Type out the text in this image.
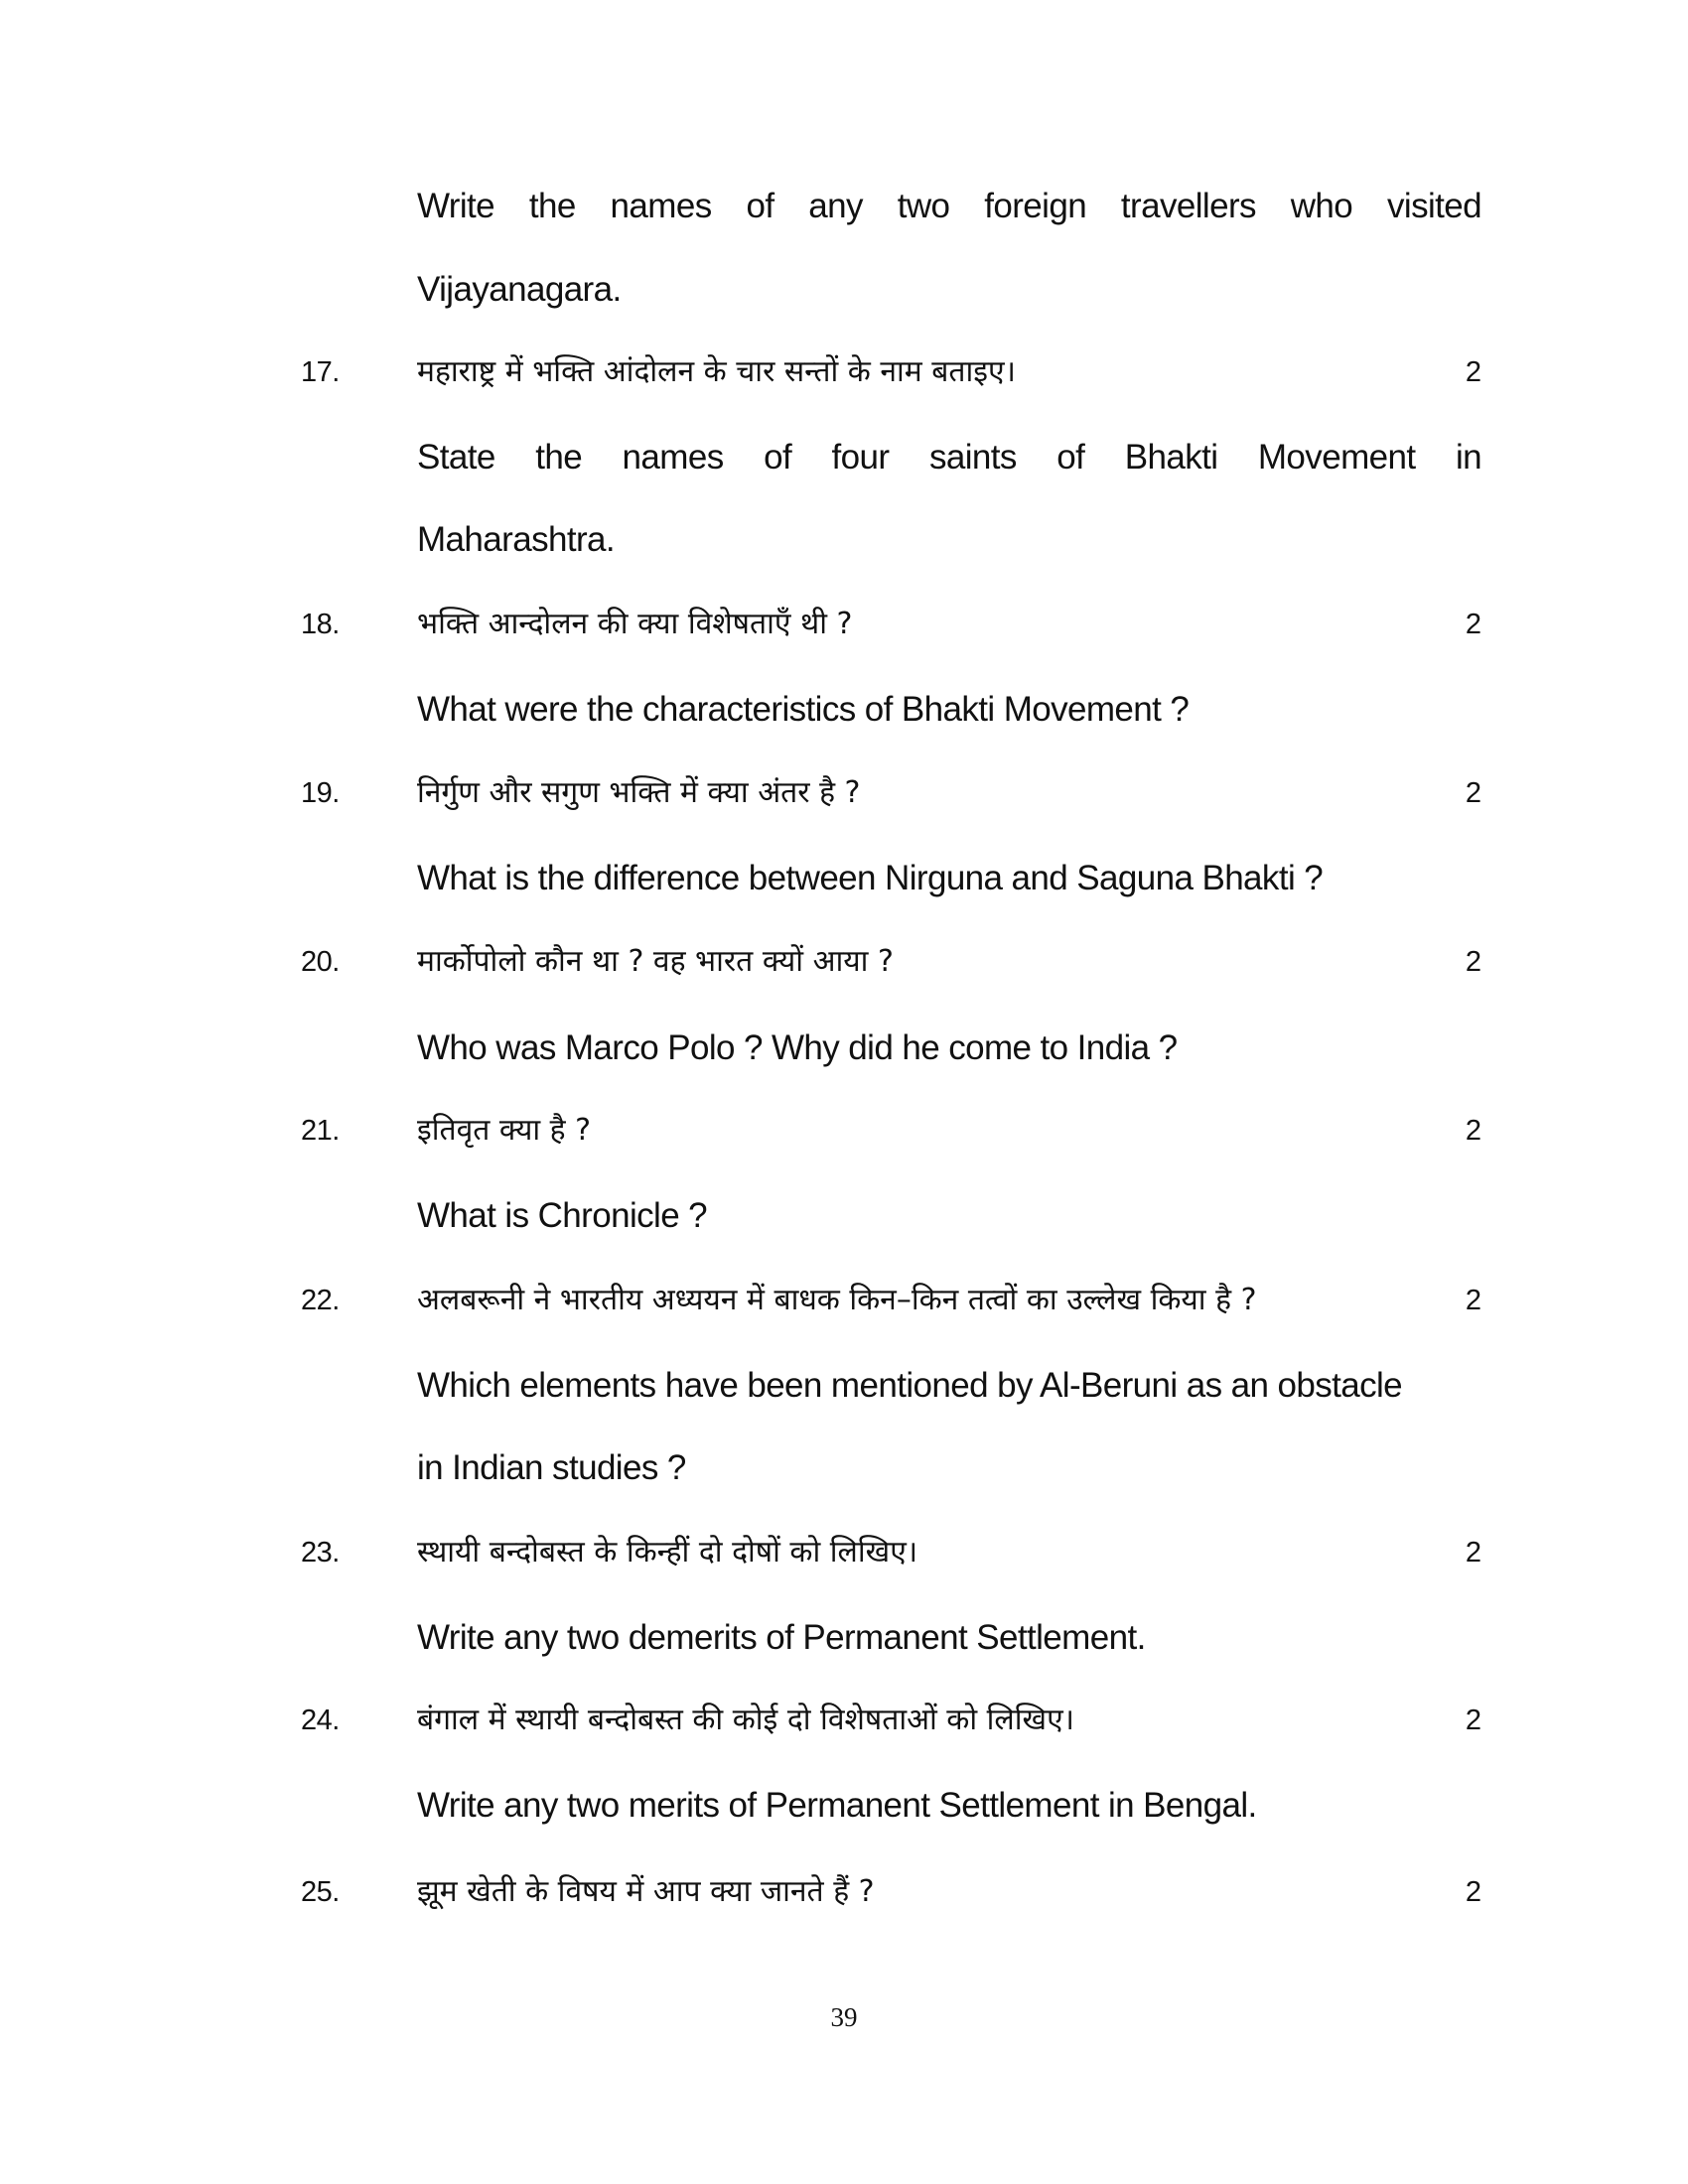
Write the names of any two foreign travellers who visited
Vijayanagara.
17.	महाराष्ट्र में भक्ति आंदोलन के चार सन्तों के नाम बताइए।	2
State the names of four saints of Bhakti Movement in
Maharashtra.
18.	भक्ति आन्दोलन की क्या विशेषताएँ थी ?	2
What were the characteristics of Bhakti Movement ?
19.	निर्गुण और सगुण भक्ति में क्या अंतर है ?	2
What is the difference between Nirguna and Saguna Bhakti ?
20.	मार्कोपोलो कौन था ? वह भारत क्यों आया ?	2
Who was Marco Polo ? Why did he come to India ?
21.	इतिवृत क्या है ?	2
What is Chronicle ?
22.	अलबरूनी ने भारतीय अध्ययन में बाधक किन–किन तत्वों का उल्लेख किया है ?	2
Which elements have been mentioned by Al-Beruni as an obstacle
in Indian studies ?
23.	स्थायी बन्दोबस्त के किन्हीं दो दोषों को लिखिए।	2
Write any two demerits of Permanent Settlement.
24.	बंगाल में स्थायी बन्दोबस्त की कोई दो विशेषताओं को लिखिए।	2
Write any two merits of Permanent Settlement in Bengal.
25.	झूम खेती के विषय में आप क्या जानते हैं ?	2
39
